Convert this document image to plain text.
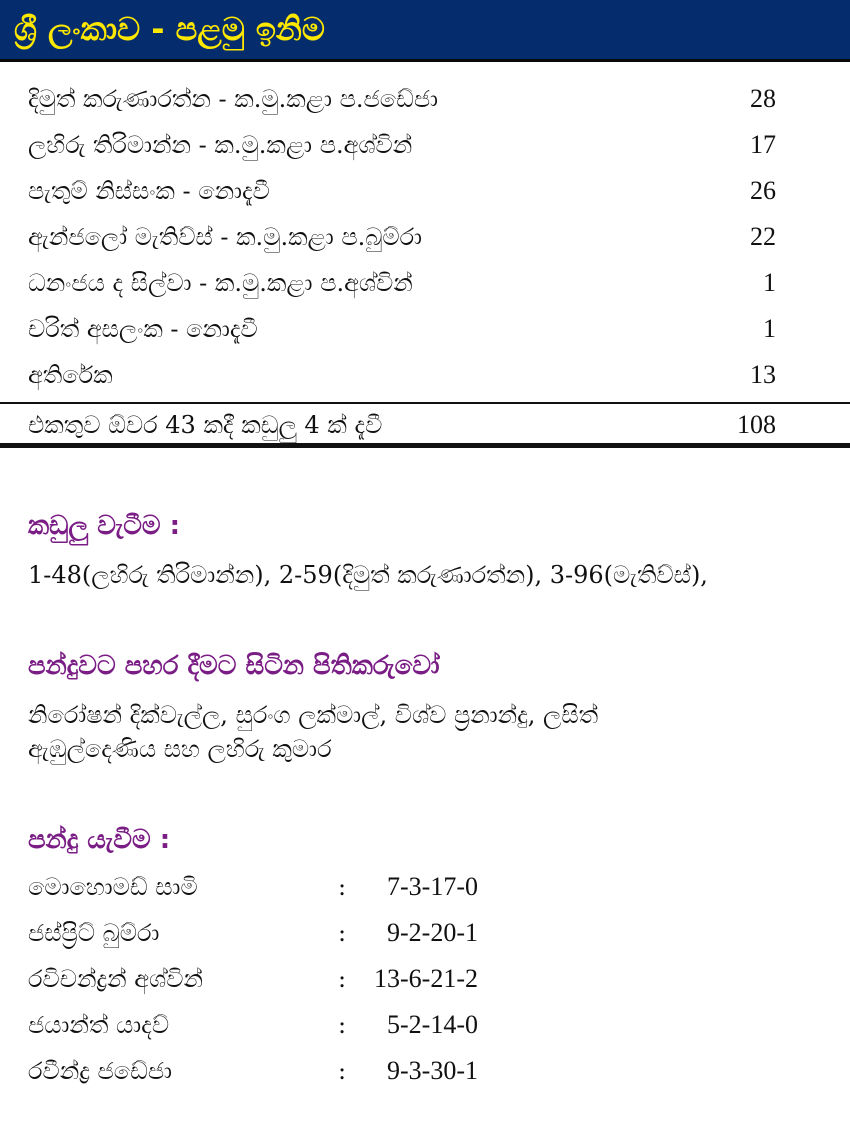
ශ්‍රී ලංකාව - පළමු ඉනිම
දිමුත් කරුණාරත්න - ක.මු.කළා ප.ජඩේජා	28
ලහිරු තිරිමාන්න - ක.මු.කළා ප.අශ්වින්	17
පැතුම් නිස්සංක - නොදැවී	26
ඇන්ජලෝ මැතිව්ස් - ක.මු.කළා ප.බුම්රා	22
ධනංජය ද සිල්වා - ක.මු.කළා ප.අශ්වින්	1
චරිත් අසලංක - නොදැවී	1
අතිරේක	13
එකතුව ඕවර 43 කදී කඩුලු 4 ක් දැවී	108
කඩුලු වැටීම :
1-48(ලහිරු තිරිමාන්න), 2-59(දිමුත් කරුණාරත්න), 3-96(මැතිව්ස්),
පන්දුවට පහර දීමට සිටින පිතිකරුවෝ
නිරෝෂන් දික්වැල්ල, සුරංග ලක්මාල්, විශ්ව ප්‍රනාන්දු, ලසිත්
ඇඹුල්දෙණිය සහ ලහිරු කුමාර
පන්දු යැවීම :
මොහොමඩ් සාමි	:	7-3-17-0
ජස්ප්‍රිට් බුම්රා	:	9-2-20-1
රවිචන්ද්‍රන් අශ්වින්	:	13-6-21-2
ජයාන්ත් යාදව්	:	5-2-14-0
රවීන්ද්‍ර ජඩේජා	:	9-3-30-1
